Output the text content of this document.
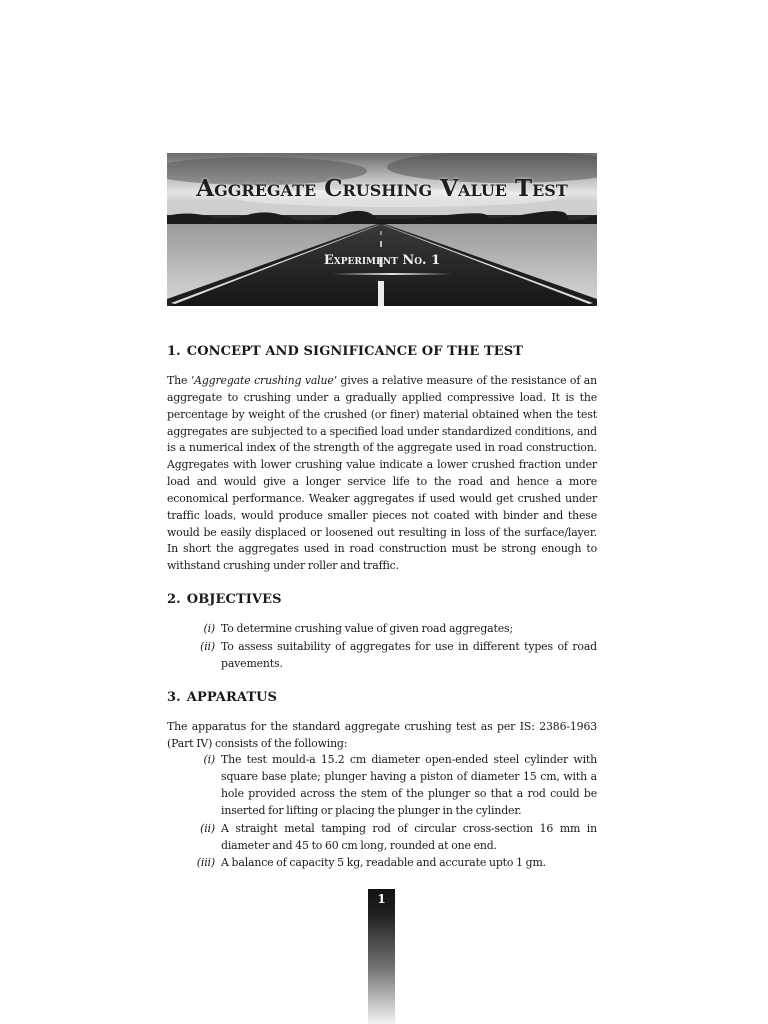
Aggregate Crushing Value Test
Experiment No. 1
1. CONCEPT AND SIGNIFICANCE OF THE TEST

The ‘Aggregate crushing value’ gives a relative measure of the resistance of an aggregate to crushing under a gradually applied compressive load. It is the percentage by weight of the crushed (or finer) material obtained when the test aggregates are subjected to a specified load under standardized conditions, and is a numerical index of the strength of the aggregate used in road construction. Aggregates with lower crushing value indicate a lower crushed fraction under load and would give a longer service life to the road and hence a more economical performance. Weaker aggregates if used would get crushed under traffic loads, would produce smaller pieces not coated with binder and these would be easily displaced or loosened out resulting in loss of the surface/layer. In short the aggregates used in road construction must be strong enough to withstand crushing under roller and traffic.

2. OBJECTIVES
(i) To determine crushing value of given road aggregates;
(ii) To assess suitability of aggregates for use in different types of road pavements.
3. APPARATUS

The apparatus for the standard aggregate crushing test as per IS: 2386-1963 (Part IV) consists of the following:

(i) The test mould-a 15.2 cm diameter open-ended steel cylinder with square base plate; plunger having a piston of diameter 15 cm, with a hole provided across the stem of the plunger so that a rod could be inserted for lifting or placing the plunger in the cylinder.
(ii) A straight metal tamping rod of circular cross-section 16 mm in diameter and 45 to 60 cm long, rounded at one end.
(iii) A balance of capacity 5 kg, readable and accurate upto 1 gm.
1
